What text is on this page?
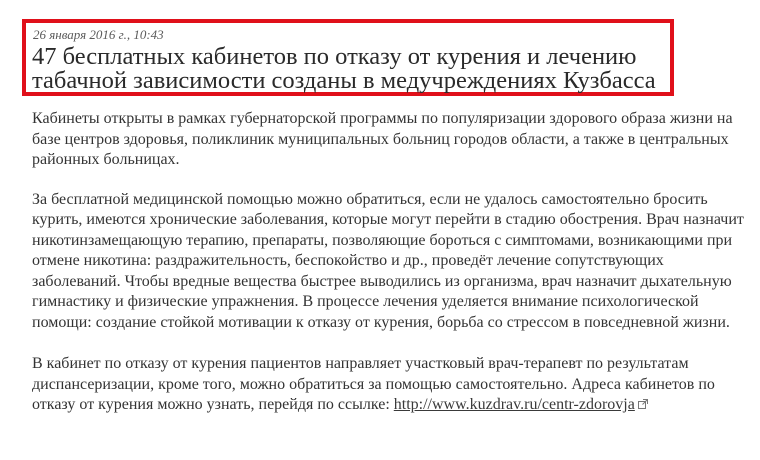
26 января 2016 г., 10:43
47 бесплатных кабинетов по отказу от курения и лечению табачной зависимости созданы в медучреждениях Кузбасса

Кабинеты открыты в рамках губернаторской программы по популяризации здорового образа жизни на базе центров здоровья, поликлиник муниципальных больниц городов области, а также в центральных районных больницах.

За бесплатной медицинской помощью можно обратиться, если не удалось самостоятельно бросить курить, имеются хронические заболевания, которые могут перейти в стадию обострения. Врач назначит никотинзамещающую терапию, препараты, позволяющие бороться с симптомами, возникающими при отмене никотина: раздражительность, беспокойство и др., проведёт лечение сопутствующих заболеваний. Чтобы вредные вещества быстрее выводились из организма, врач назначит дыхательную гимнастику и физические упражнения. В процессе лечения уделяется внимание психологической помощи: создание стойкой мотивации к отказу от курения, борьба со стрессом в повседневной жизни.

В кабинет по отказу от курения пациентов направляет участковый врач-терапевт по результатам диспансеризации, кроме того, можно обратиться за помощью самостоятельно. Адреса кабинетов по отказу от курения можно узнать, перейдя по ссылке: http://www.kuzdrav.ru/centr-zdorovja
